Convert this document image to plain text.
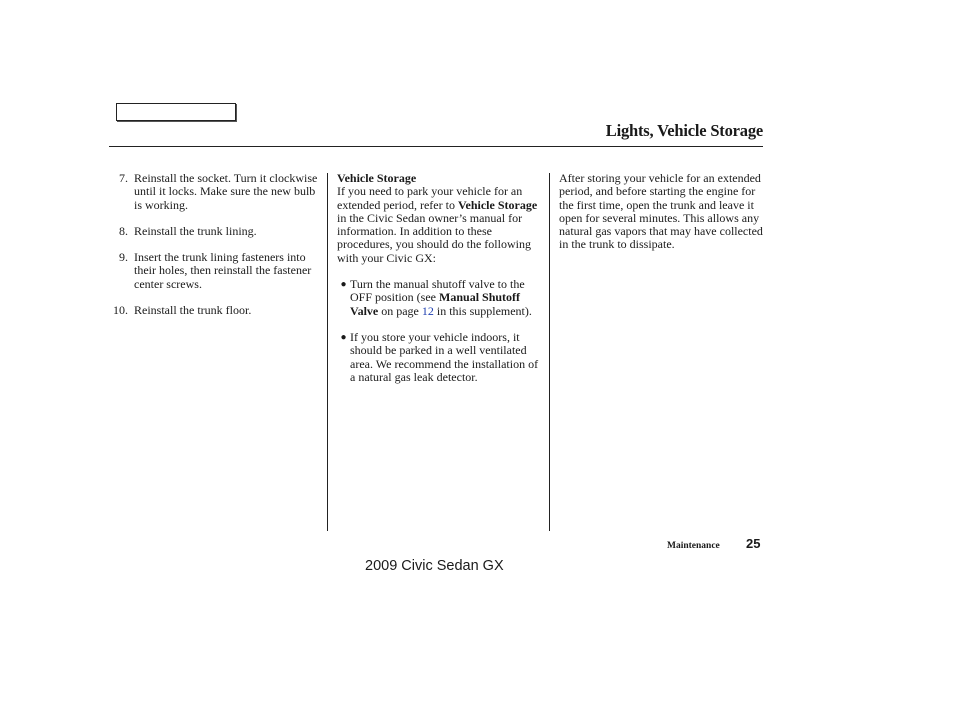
Lights, Vehicle Storage
7. Reinstall the socket. Turn it clockwise until it locks. Make sure the new bulb is working.
8. Reinstall the trunk lining.
9. Insert the trunk lining fasteners into their holes, then reinstall the fastener center screws.
10. Reinstall the trunk floor.
Vehicle Storage

If you need to park your vehicle for an extended period, refer to Vehicle Storage in the Civic Sedan owner’s manual for information. In addition to these procedures, you should do the following with your Civic GX:

● Turn the manual shutoff valve to the OFF position (see Manual Shutoff Valve on page 12 in this supplement).
● If you store your vehicle indoors, it should be parked in a well ventilated area. We recommend the installation of a natural gas leak detector.

After storing your vehicle for an extended period, and before starting the engine for the first time, open the trunk and leave it open for several minutes. This allows any natural gas vapors that may have collected in the trunk to dissipate.

Maintenance 25
2009 Civic Sedan GX
